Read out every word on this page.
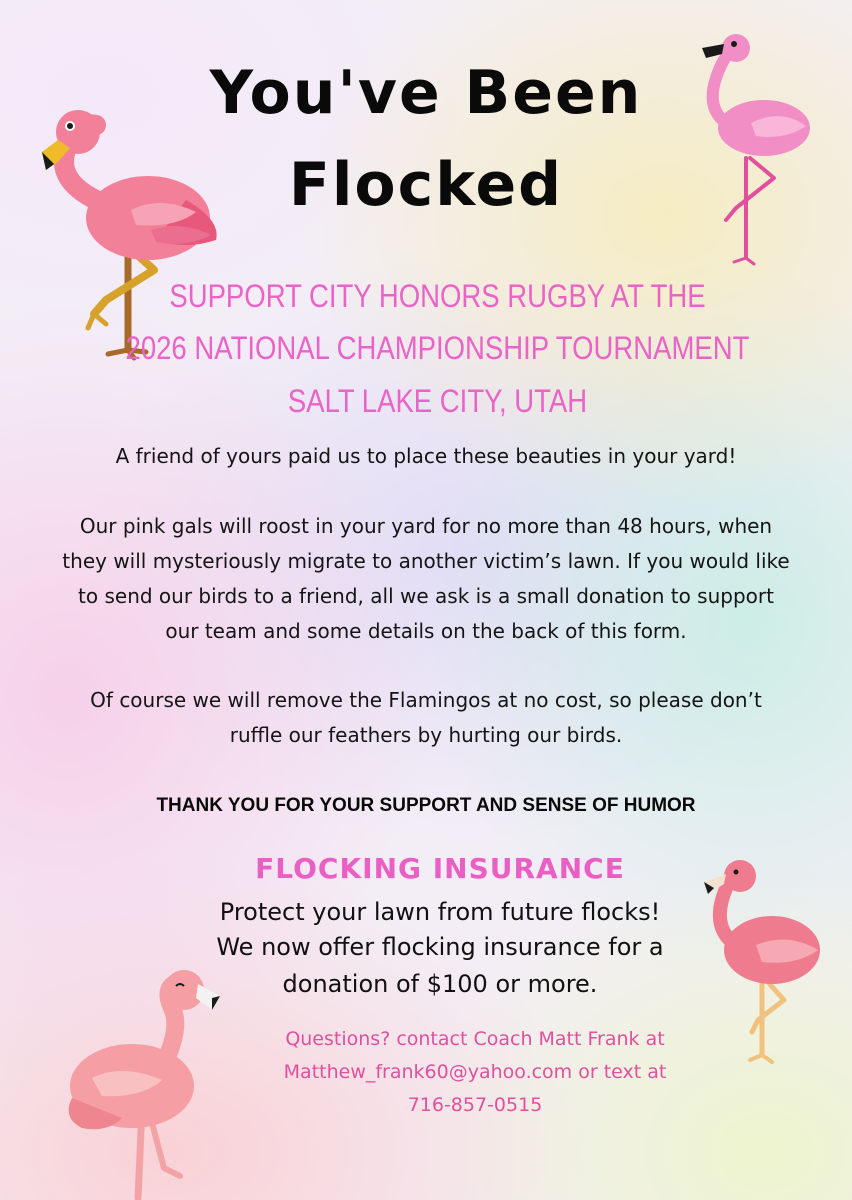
You've Been
Flocked
SUPPORT CITY HONORS RUGBY AT THE
2026 NATIONAL CHAMPIONSHIP TOURNAMENT
SALT LAKE CITY, UTAH
A friend of yours paid us to place these beauties in your yard!
Our pink gals will roost in your yard for no more than 48 hours, when
they will mysteriously migrate to another victim’s lawn. If you would like
to send our birds to a friend, all we ask is a small donation to support
our team and some details on the back of this form.
Of course we will remove the Flamingos at no cost, so please don’t
ruffle our feathers by hurting our birds.
THANK YOU FOR YOUR SUPPORT AND SENSE OF HUMOR
FLOCKING INSURANCE
Protect your lawn from future flocks!
We now offer flocking insurance for a
donation of $100 or more.
Questions? contact Coach Matt Frank at
Matthew_frank60@yahoo.com or text at
716-857-0515
